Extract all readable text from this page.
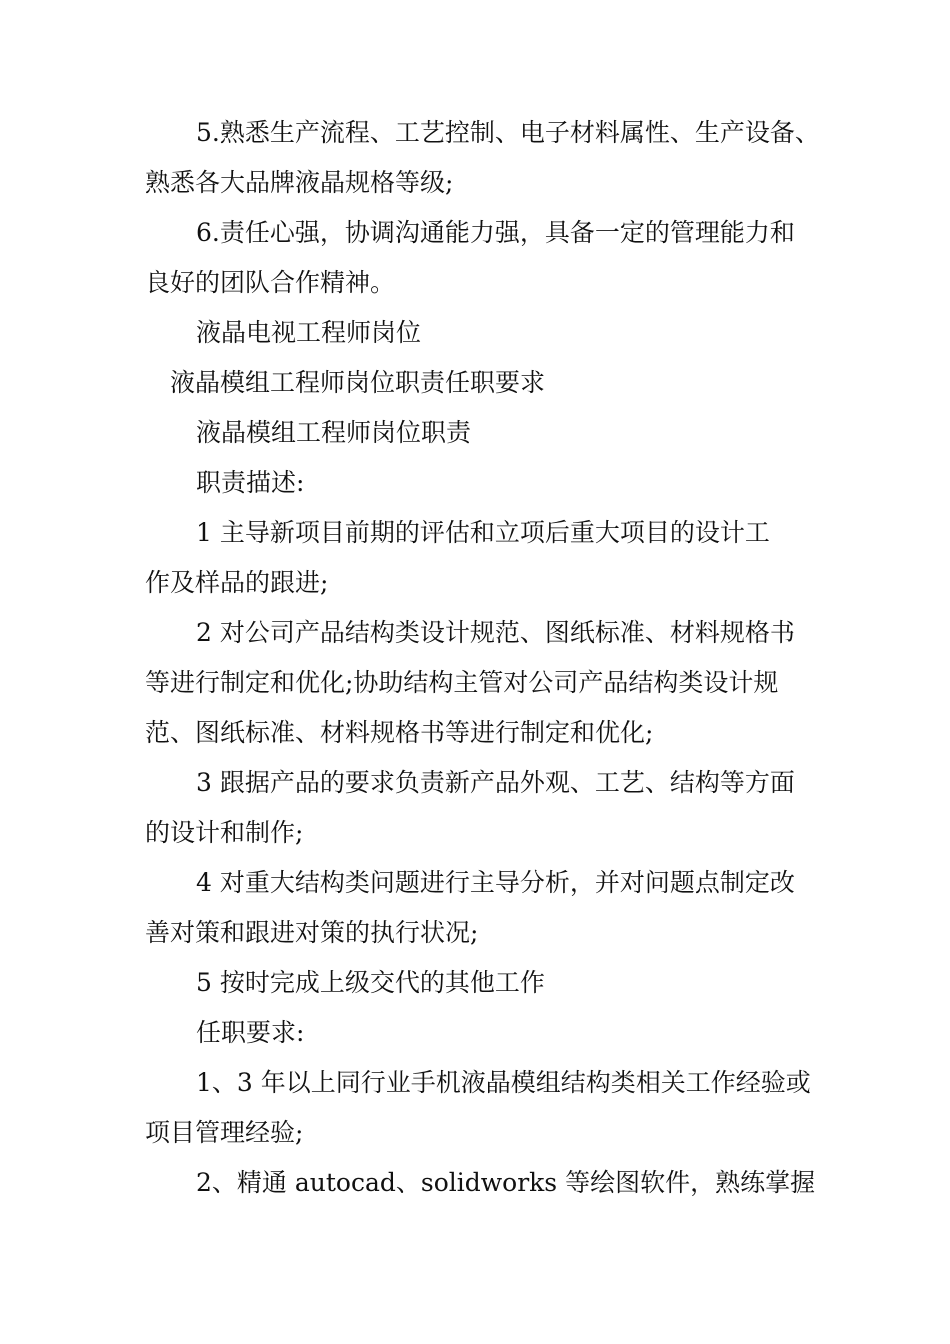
5.熟悉生产流程、工艺控制、电子材料属性、生产设备、
熟悉各大品牌液晶规格等级;
6.责任心强，协调沟通能力强，具备一定的管理能力和
良好的团队合作精神。
液晶电视工程师岗位
液晶模组工程师岗位职责任职要求
液晶模组工程师岗位职责
职责描述:
1 主导新项目前期的评估和立项后重大项目的设计工
作及样品的跟进;
2 对公司产品结构类设计规范、图纸标准、材料规格书
等进行制定和优化;协助结构主管对公司产品结构类设计规
范、图纸标准、材料规格书等进行制定和优化;
3 跟据产品的要求负责新产品外观、工艺、结构等方面
的设计和制作;
4 对重大结构类问题进行主导分析，并对问题点制定改
善对策和跟进对策的执行状况;
5 按时完成上级交代的其他工作
任职要求:
1、3 年以上同行业手机液晶模组结构类相关工作经验或
项目管理经验;
2、精通 autocad、solidworks 等绘图软件，熟练掌握
